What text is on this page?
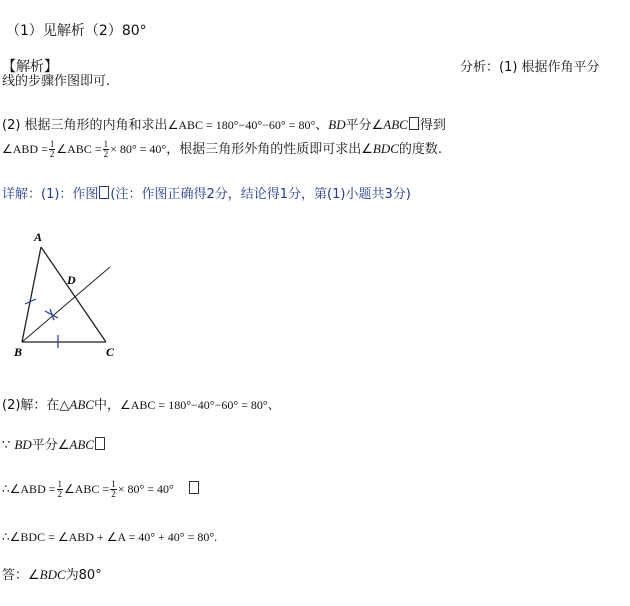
（1）见解析（2）80°
【解析】	分析：(1) 根据作角平分
线的步骤作图即可.
(2) 根据三角形的内角和求出∠ABC = 180°−40°−60° = 80°、BD平分∠ABC 得到
∠ABD = $\frac{1}{2}$ ∠ABC = $\frac{1}{2} \times 80^\circ = 40^\circ$，根据三角形外角的性质即可求出∠BDC的度数.
详解：(1)：作图 (注：作图正确得2分，结论得1分，第(1)小题共3分)
A
B	C
D
(2)解：在△ABC中，∠ABC = 180°−40°−60° = 80°、
∵ BD平分∠ABC
∴∠ABD = $\frac{1}{2}$ ∠ABC = $\frac{1}{2} \times 80^\circ = 40^\circ$
∴∠BDC = ∠ABD + ∠A = 40° + 40° = 80°.
答：∠BDC为80°
